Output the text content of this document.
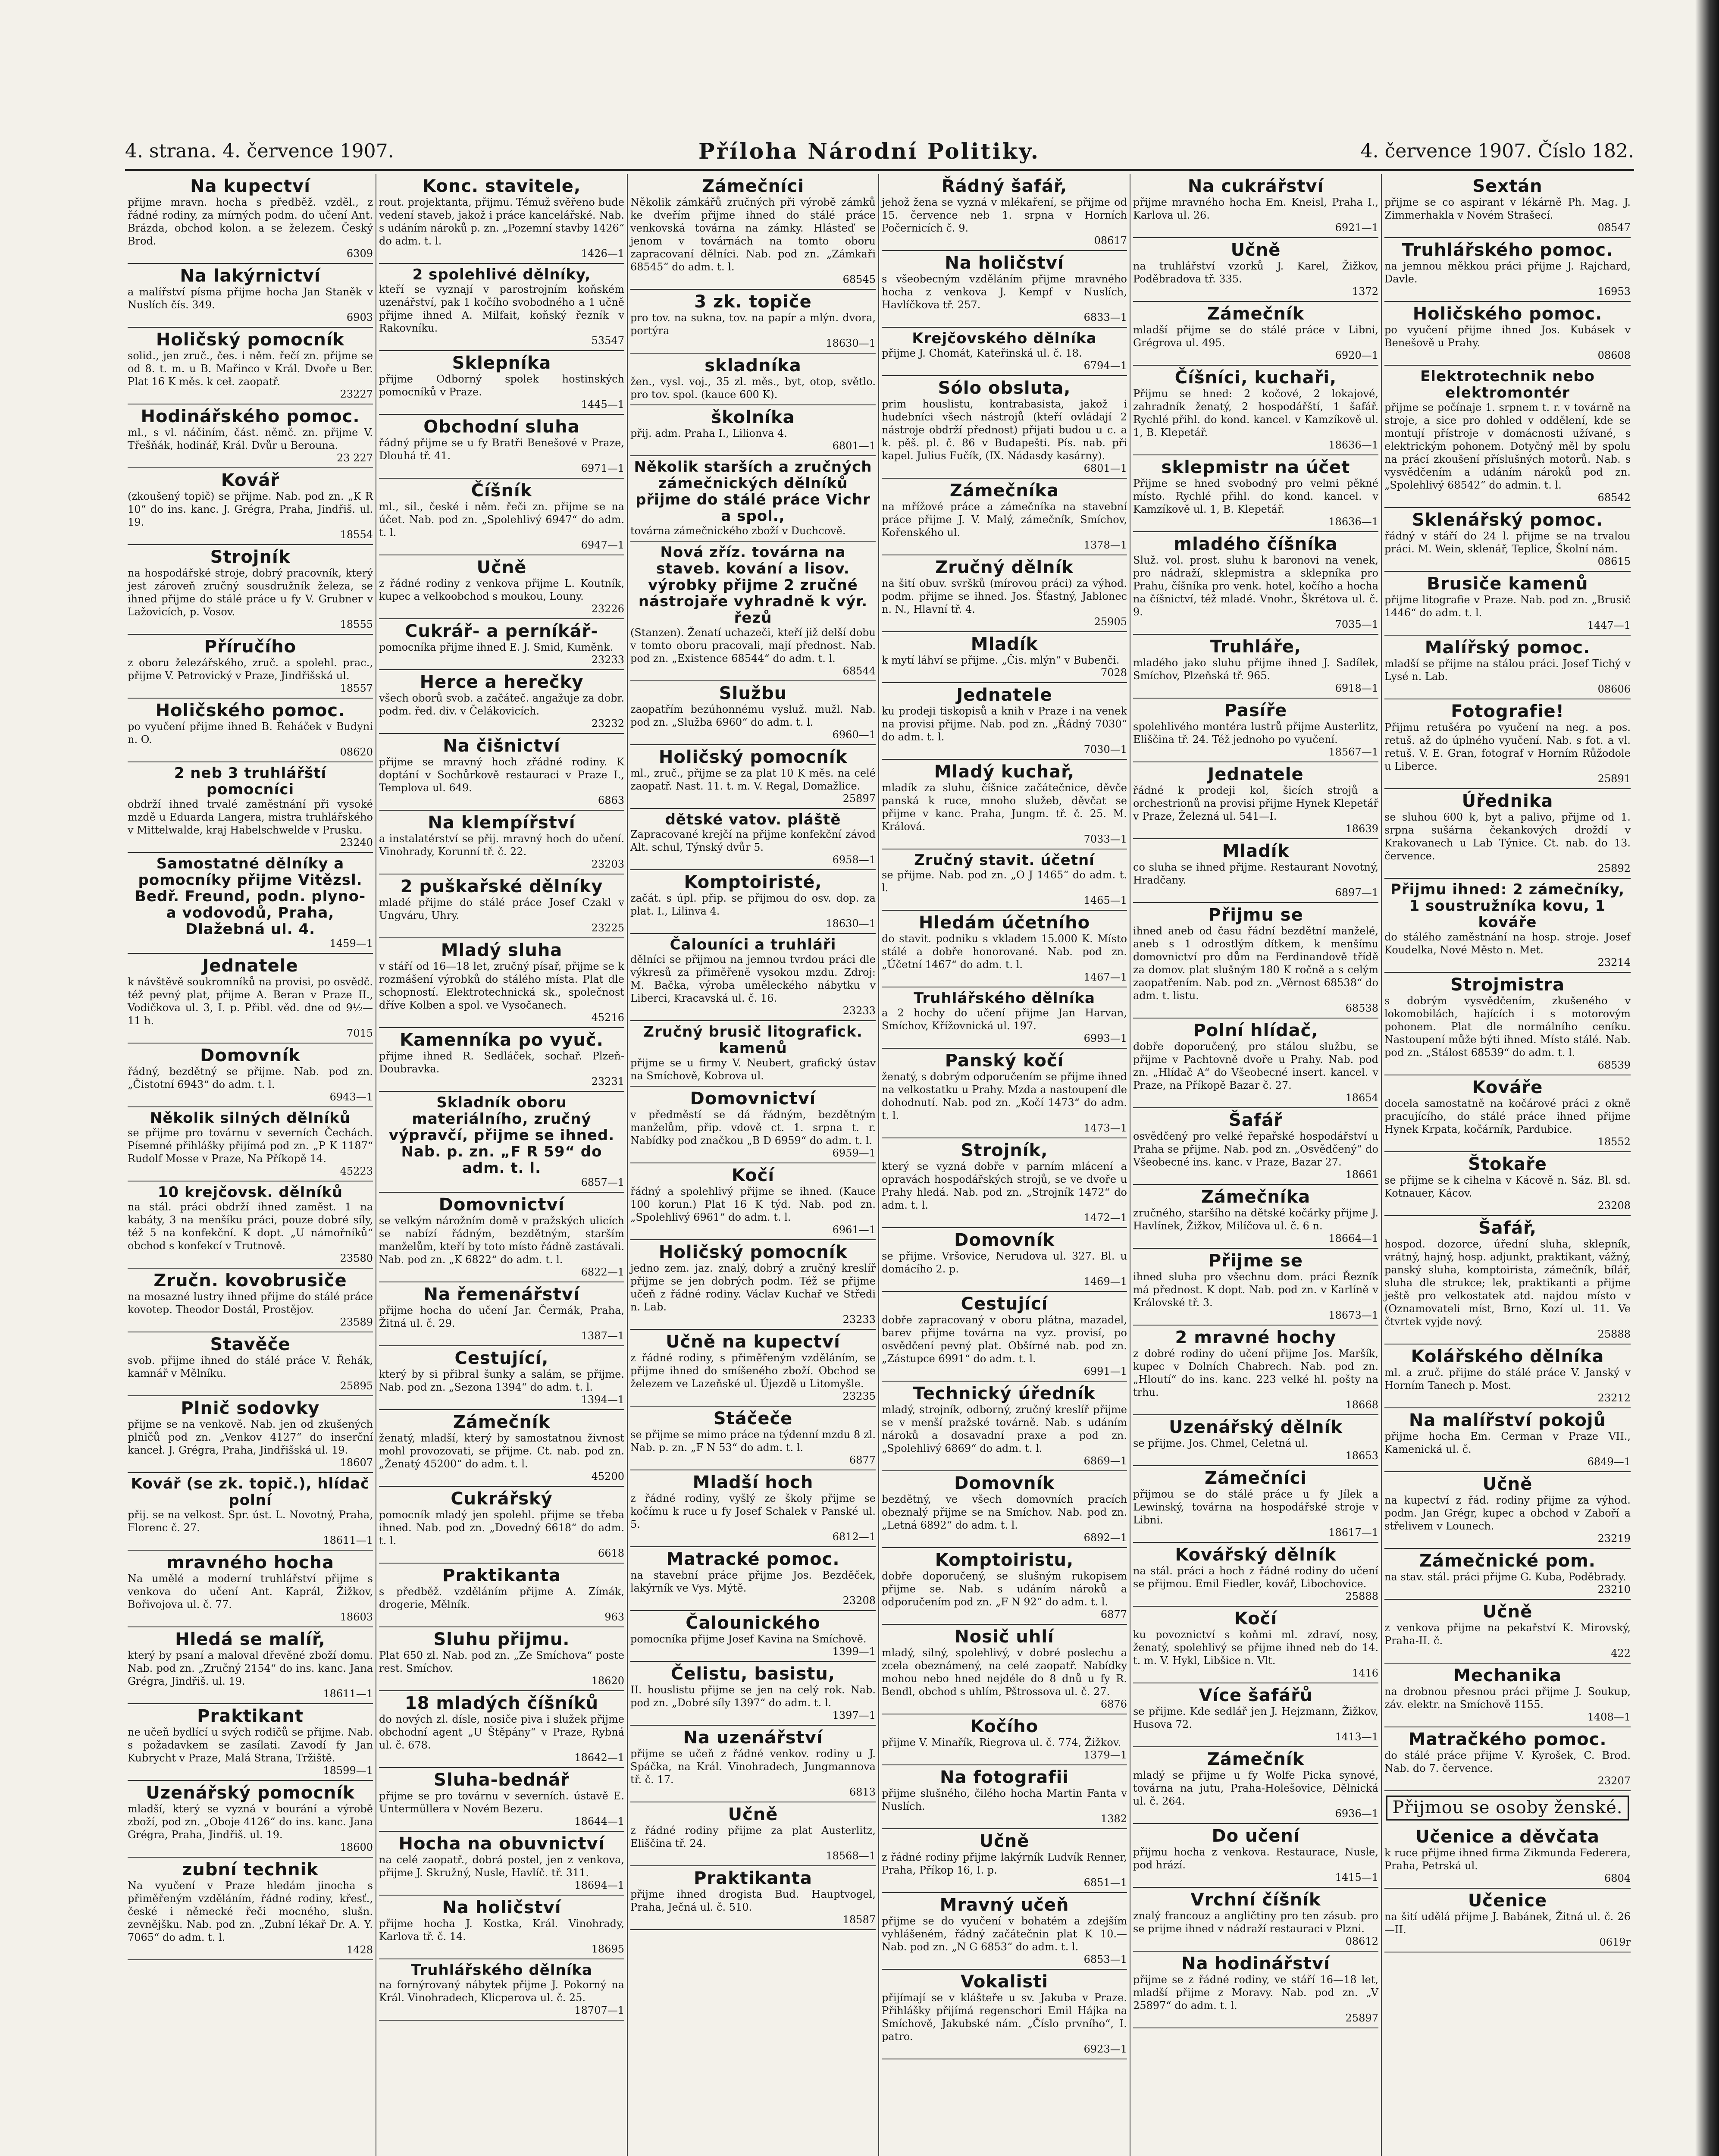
4. strana. 4. července 1907.	Příloha Národní Politiky.	4. července 1907. Číslo 182.
Na kupectví
přijme mravn. hocha s předběž. vzděl., z řádné rodiny, za mírných podm. do učení Ant. Brázda, obchod kolon. a se železem. Český Brod.
6309
Na lakýrnictví
a malířství písma přijme hocha Jan Staněk v Nuslích čís. 349.
6903
Holičský pomocník
solid., jen zruč., čes. i něm. řečí zn. přijme se od 8. t. m. u B. Mařinco v Král. Dvoře u Ber. Plat 16 K měs. k ceł. zaopatř.
23227
Hodinářského pomoc.
ml., s vl. náčiním, část. němč. zn. přijme V. Třešňák, hodinář, Král. Dvůr u Berouna.
23 227
Kovář
(zkoušený topič) se přijme. Nab. pod zn. „K R 10“ do ins. kanc. J. Grégra, Praha, Jindřiš. ul. 19.
18554
Strojník
na hospodářské stroje, dobrý pracovník, který jest zároveň zručný sousdružník železa, se ihned přijme do stálé práce u fy V. Grubner v Lažovicích, p. Vosov.
18555
Příručího
z oboru železářského, zruč. a spolehl. prac., přijme V. Petrovický v Praze, Jindřišská ul.
18557
Holičského pomoc.
po vyučení přijme ihned B. Řeháček v Budyni n. O.
08620
2 neb 3 truhlářští pomocníci
obdrží ihned trvalé zaměstnání při vysoké mzdě u Eduarda Langera, mistra truhlářského v Mittelwalde, kraj Habelschwelde v Prusku.
23240
Samostatné dělníky a pomocníky přijme Vitězsl. Bedř. Freund, podn. plyno- a vodovodů, Praha, Dlažebná ul. 4.
1459—1
Jednatele
k návštěvě soukromníků na provisi, po osvědč. též pevný plat, přijme A. Beran v Praze II., Vodičkova ul. 3, I. p. Přibl. věd. dne od 9½—11 h.
7015
Domovník
řádný, bezdětný se přijme. Nab. pod zn. „Čistotní 6943“ do adm. t. l.
6943—1
Několik silných dělníků
se přijme pro továrnu v severních Čechách. Písemné přihlášky přijímá pod zn. „P K 1187“ Rudolf Mosse v Praze, Na Příkopě 14.
45223
10 krejčovsk. dělníků
na stál. práci obdrží ihned zaměst. 1 na kabáty, 3 na menšíku práci, pouze dobré síly, též 5 na konfekční. K dopt. „U námořníků“ obchod s konfekcí v Trutnově.
23580
Zručn. kovobrusiče
na mosazné lustry ihned přijme do stálé práce kovotep. Theodor Dostál, Prostějov.
23589
Stavěče
svob. přijme ihned do stálé práce V. Řehák, kamnář v Mělníku.
25895
Plnič sodovky
přijme se na venkově. Nab. jen od zkušených plničů pod zn. „Venkov 4127“ do inserční kanceł. J. Grégra, Praha, Jindřišská ul. 19.
18607
Kovář (se zk. topič.), hlídač polní
přij. se na velkost. Spr. úst. L. Novotný, Praha, Florenc č. 27.
18611—1
mravného hocha
Na umělé a moderní truhlářství přijme s venkova do učení Ant. Kaprál, Žižkov, Bořivojova ul. č. 77.
18603
Hledá se malíř,
který by psaní a maloval dřevěné zboží domu. Nab. pod zn. „Zručný 2154“ do ins. kanc. Jana Grégra, Jindřiš. ul. 19.
18611—1
Praktikant
ne učeň bydlící u svých rodičů se přijme. Nab. s požadavkem se zasílati. Zavodí fy Jan Kubrycht v Praze, Malá Strana, Tržiště.
18599—1
Uzenářský pomocník
mladší, který se vyzná v bourání a výrobě zboží, pod zn. „Oboje 4126“ do ins. kanc. Jana Grégra, Praha, Jindřiš. ul. 19.
18600
zubní technik
Na vyučení v Praze hledám jinocha s přiměřeným vzděláním, řádné rodiny, křesť., české i německé řeči mocného, slušn. zevnějšku. Nab. pod zn. „Zubní lékař Dr. A. Y. 7065“ do adm. t. l.
1428
Konc. stavitele,
rout. projektanta, přijmu. Témuž svěřeno bude vedení staveb, jakož i práce kancelářské. Nab. s udáním nároků p. zn. „Pozemní stavby 1426“ do adm. t. l.
1426—1
2 spolehlivé dělníky,
kteří se vyznají v parostrojním koňském uzenářství, pak 1 kočího svobodného a 1 učně přijme ihned A. Milfait, koňský řezník v Rakovníku.
53547
Sklepníka
přijme Odborný spolek hostinských pomocníků v Praze.
1445—1
Obchodní sluha
řádný přijme se u fy Bratři Benešové v Praze, Dlouhá tř. 41.
6971—1
Číšník
ml., sil., české i něm. řeči zn. přijme se na účet. Nab. pod zn. „Spolehlivý 6947“ do adm. t. l.
6947—1
Učně
z řádné rodiny z venkova přijme L. Koutník, kupec a velkoobchod s moukou, Louny.
23226
Cukrář- a perníkář-
pomocníka přijme ihned E. J. Smid, Kuměnk.
23233
Herce a herečky
všech oborů svob. a začáteč. angažuje za dobr. podm. řed. div. v Čelákovicích.
23232
Na čišnictví
přijme se mravný hoch zřádné rodiny. K doptání v Sochůrkově restauraci v Praze I., Templova ul. 649.
6863
Na klempířství
a instalatérství se přij. mravný hoch do učení. Vinohrady, Korunní tř. č. 22.
23203
2 puškařské dělníky
mladé přijme do stálé práce Josef Czakl v Ungváru, Uhry.
23225
Mladý sluha
v stáří od 16—18 let, zručný písař, přijme se k rozmášení výrobků do stálého místa. Plat dle schopností. Elektrotechnická sk., společnost dříve Kolben a spol. ve Vysočanech.
45216
Kamenníka po vyuč.
přijme ihned R. Sedláček, sochař. Plzeň-Doubravka.
23231
Skladník oboru materiálního, zručný výpravčí, přijme se ihned. Nab. p. zn. „F R 59“ do adm. t. l.
6857—1
Domovnictví
se velkým nárožním domě v pražských ulicích se nabízí řádným, bezdětným, starším manželům, kteří by toto místo řádně zastávali. Nab. pod zn. „K 6822“ do adm. t. l.
6822—1
Na řemenářství
přijme hocha do učení Jar. Čermák, Praha, Žitná ul. č. 29.
1387—1
Cestující,
který by si přibral šunky a salám, se přijme. Nab. pod zn. „Sezona 1394“ do adm. t. l.
1394—1
Zámečník
ženatý, mladší, který by samostatnou živnost mohl provozovati, se přijme. Ct. nab. pod zn. „Ženatý 45200“ do adm. t. l.
45200
Cukrářský
pomocník mladý jen spolehl. přijme se třeba ihned. Nab. pod zn. „Dovedný 6618“ do adm. t. l.
6618
Praktikanta
s předběž. vzděláním přijme A. Zímák, drogerie, Mělník.
963
Sluhu přijmu.
Plat 650 zl. Nab. pod zn. „Ze Smíchova“ poste rest. Smíchov.
18620
18 mladých číšníků
do nových zl. dísle, nosiče piva i služek přijme obchodní agent „U Štěpány“ v Praze, Rybná ul. č. 678.
18642—1
Sluha-bednář
přijme se pro továrnu v severních. ústavě E. Untermüllera v Novém Bezeru.
18644—1
Hocha na obuvnictví
na celé zaopatř., dobrá postel, jen z venkova, přijme J. Skružný, Nusle, Havlíč. tř. 311.
18694—1
Na holičství
přijme hocha J. Kostka, Král. Vinohrady, Karlova tř. č. 14.
18695
Truhlářského dělníka
na fornýrovaný nábytek přijme J. Pokorný na Král. Vinohradech, Klicperova ul. č. 25.
18707—1
Zámečníci
Několik zámkářů zručných při výrobě zámků ke dveřím přijme ihned do stálé práce venkovská továrna na zámky. Hlásteď se jenom v továrnách na tomto oboru zapracovaní dělníci. Nab. pod zn. „Zámkaři 68545“ do adm. t. l.
68545
3 zk. topiče
pro tov. na sukna, tov. na papír a mlýn. dvora, portýra
18630—1
skladníka
žen., vysl. voj., 35 zl. měs., byt, otop, světlo. pro tov. spol. (kauce 600 K).
školníka
přij. adm. Praha I., Lilionva 4.
6801—1
Několik starších a zručných zámečnických dělníků přijme do stálé práce Vichr a spol.,
továrna zámečnického zboží v Duchcově.
Nová zříz. továrna na staveb. kování a lisov. výrobky přijme 2 zručné nástrojaře vyhradně k výr. řezů
(Stanzen). Ženatí uchazeči, kteří již delší dobu v tomto oboru pracovali, mají přednost. Nab. pod zn. „Existence 68544“ do adm. t. l.
68544
Službu
zaopatřím bezúhonnému vysluž. mužl. Nab. pod zn. „Služba 6960“ do adm. t. l.
6960—1
Holičský pomocník
ml., zruč., přijme se za plat 10 K měs. na celé zaopatř. Nast. 11. t. m. V. Regal, Domažlice.
25897
dětské vatov. pláště
Zapracované krejčí na přijme konfekční závod Alt. schul, Týnský dvůr 5.
6958—1
Komptoiristé,
začát. s úpl. přip. se přijmou do osv. dop. za plat. I., Lilinva 4.
18630—1
Čalouníci a truhláři
dělníci se přijmou na jemnou tvrdou práci dle výkresů za přiměřeně vysokou mzdu. Zdroj: M. Bačka, výroba uměleckého nábytku v Liberci, Kracavská ul. č. 16.
23233
Zručný brusič litografick. kamenů
přijme se u firmy V. Neubert, grafický ústav na Smíchově, Kobrova ul.
Domovnictví
v předměstí se dá řádným, bezdětným manželům, přip. vdově ct. 1. srpna t. r. Nabídky pod značkou „B D 6959“ do adm. t. l.
6959—1
Kočí
řádný a spolehlivý přijme se ihned. (Kauce 100 korun.) Plat 16 K týd. Nab. pod zn. „Spolehlivý 6961“ do adm. t. l.
6961—1
Holičský pomocník
jedno zem. jaz. znalý, dobrý a zručný kreslíř přijme se jen dobrých podm. Též se přijme učeň z řádné rodiny. Václav Kuchař ve Středi n. Lab.
23233
Učně na kupectví
z řádné rodiny, s přiměřeným vzděláním, se přijme ihned do smíšeného zboží. Obchod se železem ve Lazeňské ul. Újezdě u Litomyšle.
23235
Stáčeče
se přijme se mimo práce na týdenní mzdu 8 zl. Nab. p. zn. „F N 53“ do adm. t. l.
6877
Mladší hoch
z řádné rodiny, vyšlý ze školy přijme se kočímu k ruce u fy Josef Schalek v Panské ul. 5.
6812—1
Matracké pomoc.
na stavební práce přijme Jos. Bezděček, lakýrník ve Vys. Mýtě.
23208
Čalounického
pomocníka přijme Josef Kavina na Smíchově.
1399—1
Čelistu, basistu,
II. houslistu přijme se jen na celý rok. Nab. pod zn. „Dobré síly 1397“ do adm. t. l.
1397—1
Na uzenářství
přijme se učeň z řádné venkov. rodiny u J. Spáčka, na Král. Vinohradech, Jungmannova tř. č. 17.
6813
Učně
z řádné rodiny přijme za plat Austerlitz, Eliščina tř. 24.
18568—1
Praktikanta
přijme ihned drogista Bud. Hauptvogel, Praha, Ječná ul. č. 510.
18587
Řádný šafář,
jehož žena se vyzná v mlékaření, se přijme od 15. července neb 1. srpna v Horních Počernicích č. 9.
08617
Na holičství
s všeobecným vzděláním přijme mravného hocha z venkova J. Kempf v Nuslích, Havlíčkova tř. 257.
6833—1
Krejčovského dělníka
přijme J. Chomát, Kateřinská ul. č. 18.
6794—1
Sólo obsluta,
prim houslistu, kontrabasista, jakož i hudebníci všech nástrojů (kteří ovládají 2 nástroje obdrží přednost) přijati budou u c. a k. pěš. pl. č. 86 v Budapešti. Pís. nab. při kapel. Julius Fučík, (IX. Nádasdy kasárny).
6801—1
Zámečníka
na mřížové práce a zámečníka na stavební práce přijme J. V. Malý, zámečník, Smíchov, Kořenského ul.
1378—1
Zručný dělník
na šití obuv. svršků (mírovou práci) za výhod. podm. přijme se ihned. Jos. Šťastný, Jablonec n. N., Hlavní tř. 4.
25905
Mladík
k mytí láhví se přijme. „Čis. mlýn“ v Bubenči.
7028
Jednatele
ku prodeji tiskopisů a knih v Praze i na venek na provisi přijme. Nab. pod zn. „Řádný 7030“ do adm. t. l.
7030—1
Mladý kuchař,
mladík za sluhu, číšnice začátečnice, děvče panská k ruce, mnoho služeb, děvčat se přijme v kanc. Praha, Jungm. tř. č. 25. M. Králová.
7033—1
Zručný stavit. účetní
se přijme. Nab. pod zn. „O J 1465“ do adm. t. l.
1465—1
Hledám účetního
do stavit. podniku s vkladem 15.000 K. Místo stálé a dobře honorované. Nab. pod zn. „Účetní 1467“ do adm. t. l.
1467—1
Truhlářského dělníka
a 2 hochy do učení přijme Jan Harvan, Smíchov, Křížovnická ul. 197.
6993—1
Panský kočí
ženatý, s dobrým odporučením se přijme ihned na velkostatku u Prahy. Mzda a nastoupení dle dohodnutí. Nab. pod zn. „Kočí 1473“ do adm. t. l.
1473—1
Strojník,
který se vyzná dobře v parním mlácení a opravách hospodářských strojů, se ve dvoře u Prahy hledá. Nab. pod zn. „Strojník 1472“ do adm. t. l.
1472—1
Domovník
se přijme. Vršovice, Nerudova ul. 327. Bl. u domácího 2. p.
1469—1
Cestující
dobře zapracovaný v oboru plátna, mazadel, barev přijme továrna na vyz. provisí, po osvědčení pevný plat. Obšírné nab. pod zn. „Zástupce 6991“ do adm. t. l.
6991—1
Technický úředník
mladý, strojník, odborný, zručný kreslíř přijme se v menší pražské továrně. Nab. s udáním nároků a dosavadní praxe a pod zn. „Spolehlivý 6869“ do adm. t. l.
6869—1
Domovník
bezdětný, ve všech domovních pracích obeznalý přijme se na Smíchov. Nab. pod zn. „Letná 6892“ do adm. t. l.
6892—1
Komptoiristu,
dobře doporučený, se slušným rukopisem přijme se. Nab. s udáním nároků a odporučením pod zn. „F N 92“ do adm. t. l.
6877
Nosič uhlí
mladý, silný, spolehlivý, v dobré poslechu a zcela obeznámený, na celé zaopatř. Nabídky mohou nebo hned nejdéle do 8 dnů u fy R. Bendl, obchod s uhlím, Pštrossova ul. č. 27.
6876
Kočího
přijme V. Minařík, Riegrova ul. č. 774, Žižkov.
1379—1
Na fotografii
přijme slušného, čilého hocha Martin Fanta v Nuslích.
1382
Učně
z řádné rodiny přijme lakýrník Ludvík Renner, Praha, Příkop 16, I. p.
6851—1
Mravný učeň
přijme se do vyučení v bohatém a zdejším vyhlášeném, řádný začátečnin plat K 10.— Nab. pod zn. „N G 6853“ do adm. t. l.
6853—1
Vokalisti
přijímají se v klášteře u sv. Jakuba v Praze. Přihlášky přijímá regenschori Emil Hájka na Smíchově, Jakubské nám. „Číslo prvního“, I. patro.
6923—1
Na cukrářství
přijme mravného hocha Em. Kneisl, Praha I., Karlova ul. 26.
6921—1
Učně
na truhlářství vzorků J. Karel, Žižkov, Poděbradova tř. 335.
1372
Zámečník
mladší přijme se do stálé práce v Libni, Grégrova ul. 495.
6920—1
Číšníci, kuchaři,
Přijmu se hned: 2 kočové, 2 lokajové, zahradník ženatý, 2 hospodářští, 1 šafář. Rychlé přihl. do kond. kancel. v Kamzíkově ul. 1, B. Klepetář.
18636—1
sklepmistr na účet
Přijme se hned svobodný pro velmi pěkné místo. Rychlé přihl. do kond. kancel. v Kamzíkově ul. 1, B. Klepetář.
18636—1
mladého číšníka
Služ. vol. prost. sluhu k baronovi na venek, pro nádraží, sklepmistra a sklepníka pro Prahu, číšníka pro venk. hotel, kočího a hocha na číšnictví, též mladé. Vnohr., Škrétova ul. č. 9.
7035—1
Truhláře,
mladého jako sluhu přijme ihned J. Sadílek, Smíchov, Plzeňská tř. 965.
6918—1
Pasíře
spolehlivého montéra lustrů přijme Austerlitz, Eliščina tř. 24. Též jednoho po vyučení.
18567—1
Jednatele
řádné k prodeji kol, šicích strojů a orchestrionů na provisi přijme Hynek Klepetář v Praze, Železná ul. 541—I.
18639
Mladík
co sluha se ihned přijme. Restaurant Novotný, Hradčany.
6897—1
Přijmu se
ihned aneb od času řádní bezdětní manželé, aneb s 1 odrostlým dítkem, k menšímu domovnictví pro dům na Ferdinandově třídě za domov. plat slušným 180 K ročně a s celým zaopatřením. Nab. pod zn. „Věrnost 68538“ do adm. t. listu.
68538
Polní hlídač,
dobře doporučený, pro stálou službu, se přijme v Pachtovně dvoře u Prahy. Nab. pod zn. „Hlídač A“ do Všeobecné insert. kancel. v Praze, na Příkopě Bazar č. 27.
18654
Šafář
osvědčený pro velké řepařské hospodářství u Praha se přijme. Nab. pod zn. „Osvědčený“ do Všeobecné ins. kanc. v Praze, Bazar 27.
18661
Zámečníka
zručného, staršího na dětské kočárky přijme J. Havlínek, Žižkov, Milíčova ul. č. 6 n.
18664—1
Přijme se
ihned sluha pro všechnu dom. práci Řezník má přednost. K dopt. Nab. pod zn. v Karlíně v Královské tř. 3.
18673—1
2 mravné hochy
z dobré rodiny do učení přijme Jos. Maršík, kupec v Dolních Chabrech. Nab. pod zn. „Hloutí“ do ins. kanc. 223 velké hl. pošty na trhu.
18668
Uzenářský dělník
se přijme. Jos. Chmel, Celetná ul.
18653
Zámečníci
přijmou se do stálé práce u fy Jílek a Lewinský, továrna na hospodářské stroje v Libni.
18617—1
Kovářský dělník
na stál. práci a hoch z řádné rodiny do učení se přijmou. Emil Fiedler, kovář, Libochovice.
25888
Kočí
ku povoznictví s koňmi ml. zdraví, nosy, ženatý, spolehlivý se přijme ihned neb do 14. t. m. V. Hykl, Libšice n. Vlt.
1416
Více šafářů
se přijme. Kde sedlář jen J. Hejzmann, Žižkov, Husova 72.
1413—1
Zámečník
mladý se přijme u fy Wolfe Picka synové, továrna na jutu, Praha-Holešovice, Dělnická ul. č. 264.
6936—1
Do učení
přijmu hocha z venkova. Restaurace, Nusle, pod hrází.
1415—1
Vrchní číšník
znalý francouz a angličtiny pro ten zásub. pro se prijme ihned v nádraží restauraci v Plzni.
08612
Na hodinářství
přijme se z řádné rodiny, ve stáří 16—18 let, mladší přijme z Moravy. Nab. pod zn. „V 25897“ do adm. t. l.
25897
Sextán
přijme se co aspirant v lékárně Ph. Mag. J. Zimmerhakla v Novém Strašecí.
08547
Truhlářského pomoc.
na jemnou měkkou práci přijme J. Rajchard, Davle.
16953
Holičského pomoc.
po vyučení přijme ihned Jos. Kubásek v Benešově u Prahy.
08608
Elektrotechnik nebo elektromontér
přijme se počínaje 1. srpnem t. r. v továrně na stroje, a sice pro dohled v oddělení, kde se montují přístroje v domácnosti užívané, s elektrickým pohonem. Dotyčný měl by spolu na prácí zkoušení příslušných motorů. Nab. s vysvědčením a udáním nároků pod zn. „Spolehlivý 68542“ do admin. t. l.
68542
Sklenářský pomoc.
řádný v stáří do 24 l. přijme se na trvalou práci. M. Wein, sklenář, Teplice, Školní nám.
08615
Brusiče kamenů
přijme litografie v Praze. Nab. pod zn. „Brusič 1446“ do adm. t. l.
1447—1
Malířský pomoc.
mladší se přijme na stálou práci. Josef Tichý v Lysé n. Lab.
08606
Fotografie!
Přijmu retušéra po vyučení na neg. a pos. retuš. až do úplného vyučení. Nab. s fot. a vl. retuš. V. E. Gran, fotograf v Horním Růžodole u Liberce.
25891
Úřednika
se sluhou 600 k, byt a palivo, přijme od 1. srpna sušárna čekankových droždí v Krakovanech u Lab Týnice. Ct. nab. do 13. července.
25892
Přijmu ihned: 2 zámečníky, 1 soustružníka kovu, 1 kováře
do stálého zaměstnání na hosp. stroje. Josef Koudelka, Nové Město n. Met.
23214
Strojmistra
s dobrým vysvědčením, zkušeného v lokomobilách, hajících i s motorovým pohonem. Plat dle normálního ceníku. Nastoupení může býti ihned. Místo stálé. Nab. pod zn. „Stálost 68539“ do adm. t. l.
68539
Kováře
docela samostatně na kočárové práci z okně pracujícího, do stálé práce ihned přijme Hynek Krpata, kočárník, Pardubice.
18552
Štokaře
se přijme se k cihelna v Kácově n. Sáz. Bl. sd. Kotnauer, Kácov.
23208
Šafář,
hospod. dozorce, úřední sluha, sklepník, vrátný, hajný, hosp. adjunkt, praktikant, vážný, panský sluha, komptoirista, zámečník, bílář, sluha dle strukce; lek, praktikanti a přijme ještě pro velkostatek atd. najdou místo v (Oznamovateli míst, Brno, Kozí ul. 11. Ve čtvrtek vyjde nový.
25888
Kolářského dělníka
ml. a zruč. přijme do stálé práce V. Janský v Horním Tanech p. Most.
23212
Na malířství pokojů
přijme hocha Em. Cerman v Praze VII., Kamenická ul. č.
6849—1
Učně
na kupectví z řád. rodiny přijme za výhod. podm. Jan Grégr, kupec a obchod v Zaboří a střelivem v Lounech.
23219
Zámečnické pom.
na stav. stál. práci přijme G. Kuba, Poděbrady.
23210
Učně
z venkova přijme na pekařství K. Mirovský, Praha-II. č.
422
Mechanika
na drobnou přesnou práci přijme J. Soukup, záv. elektr. na Smíchově 1155.
1408—1
Matračkého pomoc.
do stálé práce přijme V. Kyrošek, C. Brod. Nab. do 7. července.
23207
Přijmou se osoby ženské.
Učenice a děvčata
k ruce přijme ihned firma Zikmunda Federera, Praha, Petrská ul.
6804
Učenice
na šití udělá přijme J. Babánek, Žitná ul. č. 26—II.
0619r
